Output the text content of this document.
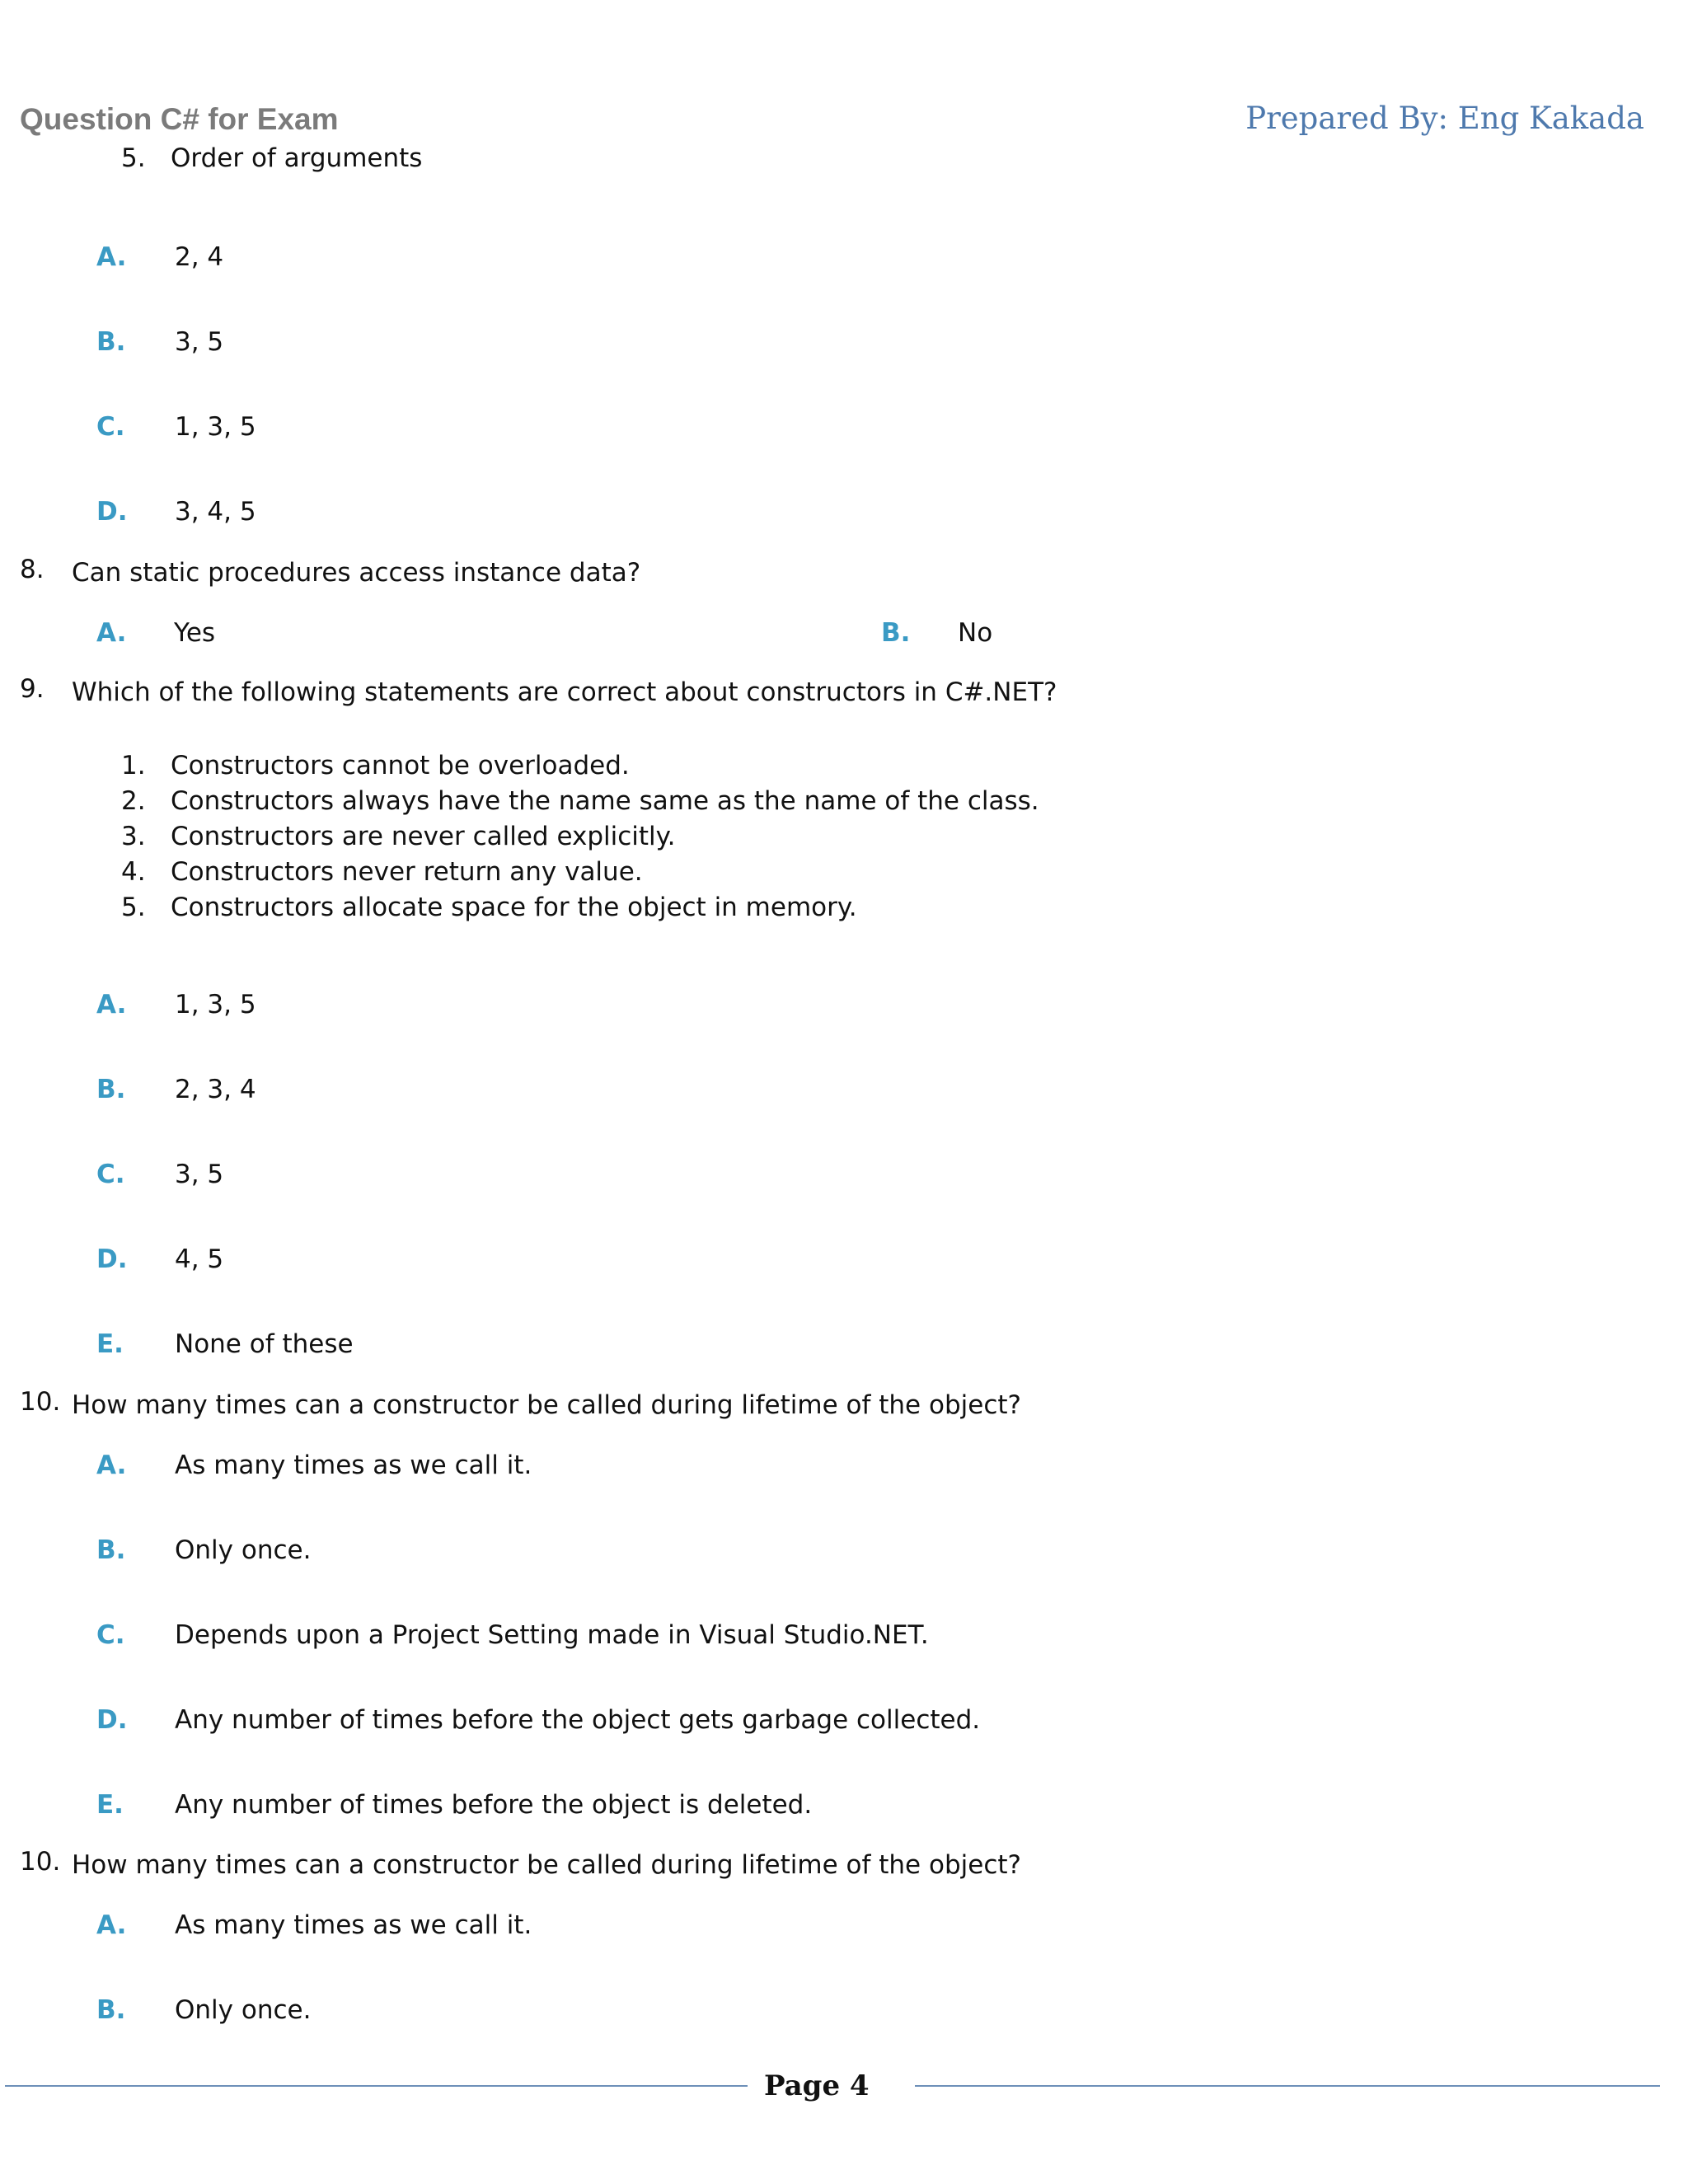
Question C# for Exam	Prepared By: Eng Kakada
5. Order of arguments
A. 2, 4
B. 3, 5
C. 1, 3, 5
D. 3, 4, 5
8. Can static procedures access instance data?
A. Yes	B. No
9. Which of the following statements are correct about constructors in C#.NET?
1. Constructors cannot be overloaded.
2. Constructors always have the name same as the name of the class.
3. Constructors are never called explicitly.
4. Constructors never return any value.
5. Constructors allocate space for the object in memory.
A. 1, 3, 5
B. 2, 3, 4
C. 3, 5
D. 4, 5
E. None of these
10. How many times can a constructor be called during lifetime of the object?
A. As many times as we call it.
B. Only once.
C. Depends upon a Project Setting made in Visual Studio.NET.
D. Any number of times before the object gets garbage collected.
E. Any number of times before the object is deleted.
10. How many times can a constructor be called during lifetime of the object?
A. As many times as we call it.
B. Only once.
Page 4
